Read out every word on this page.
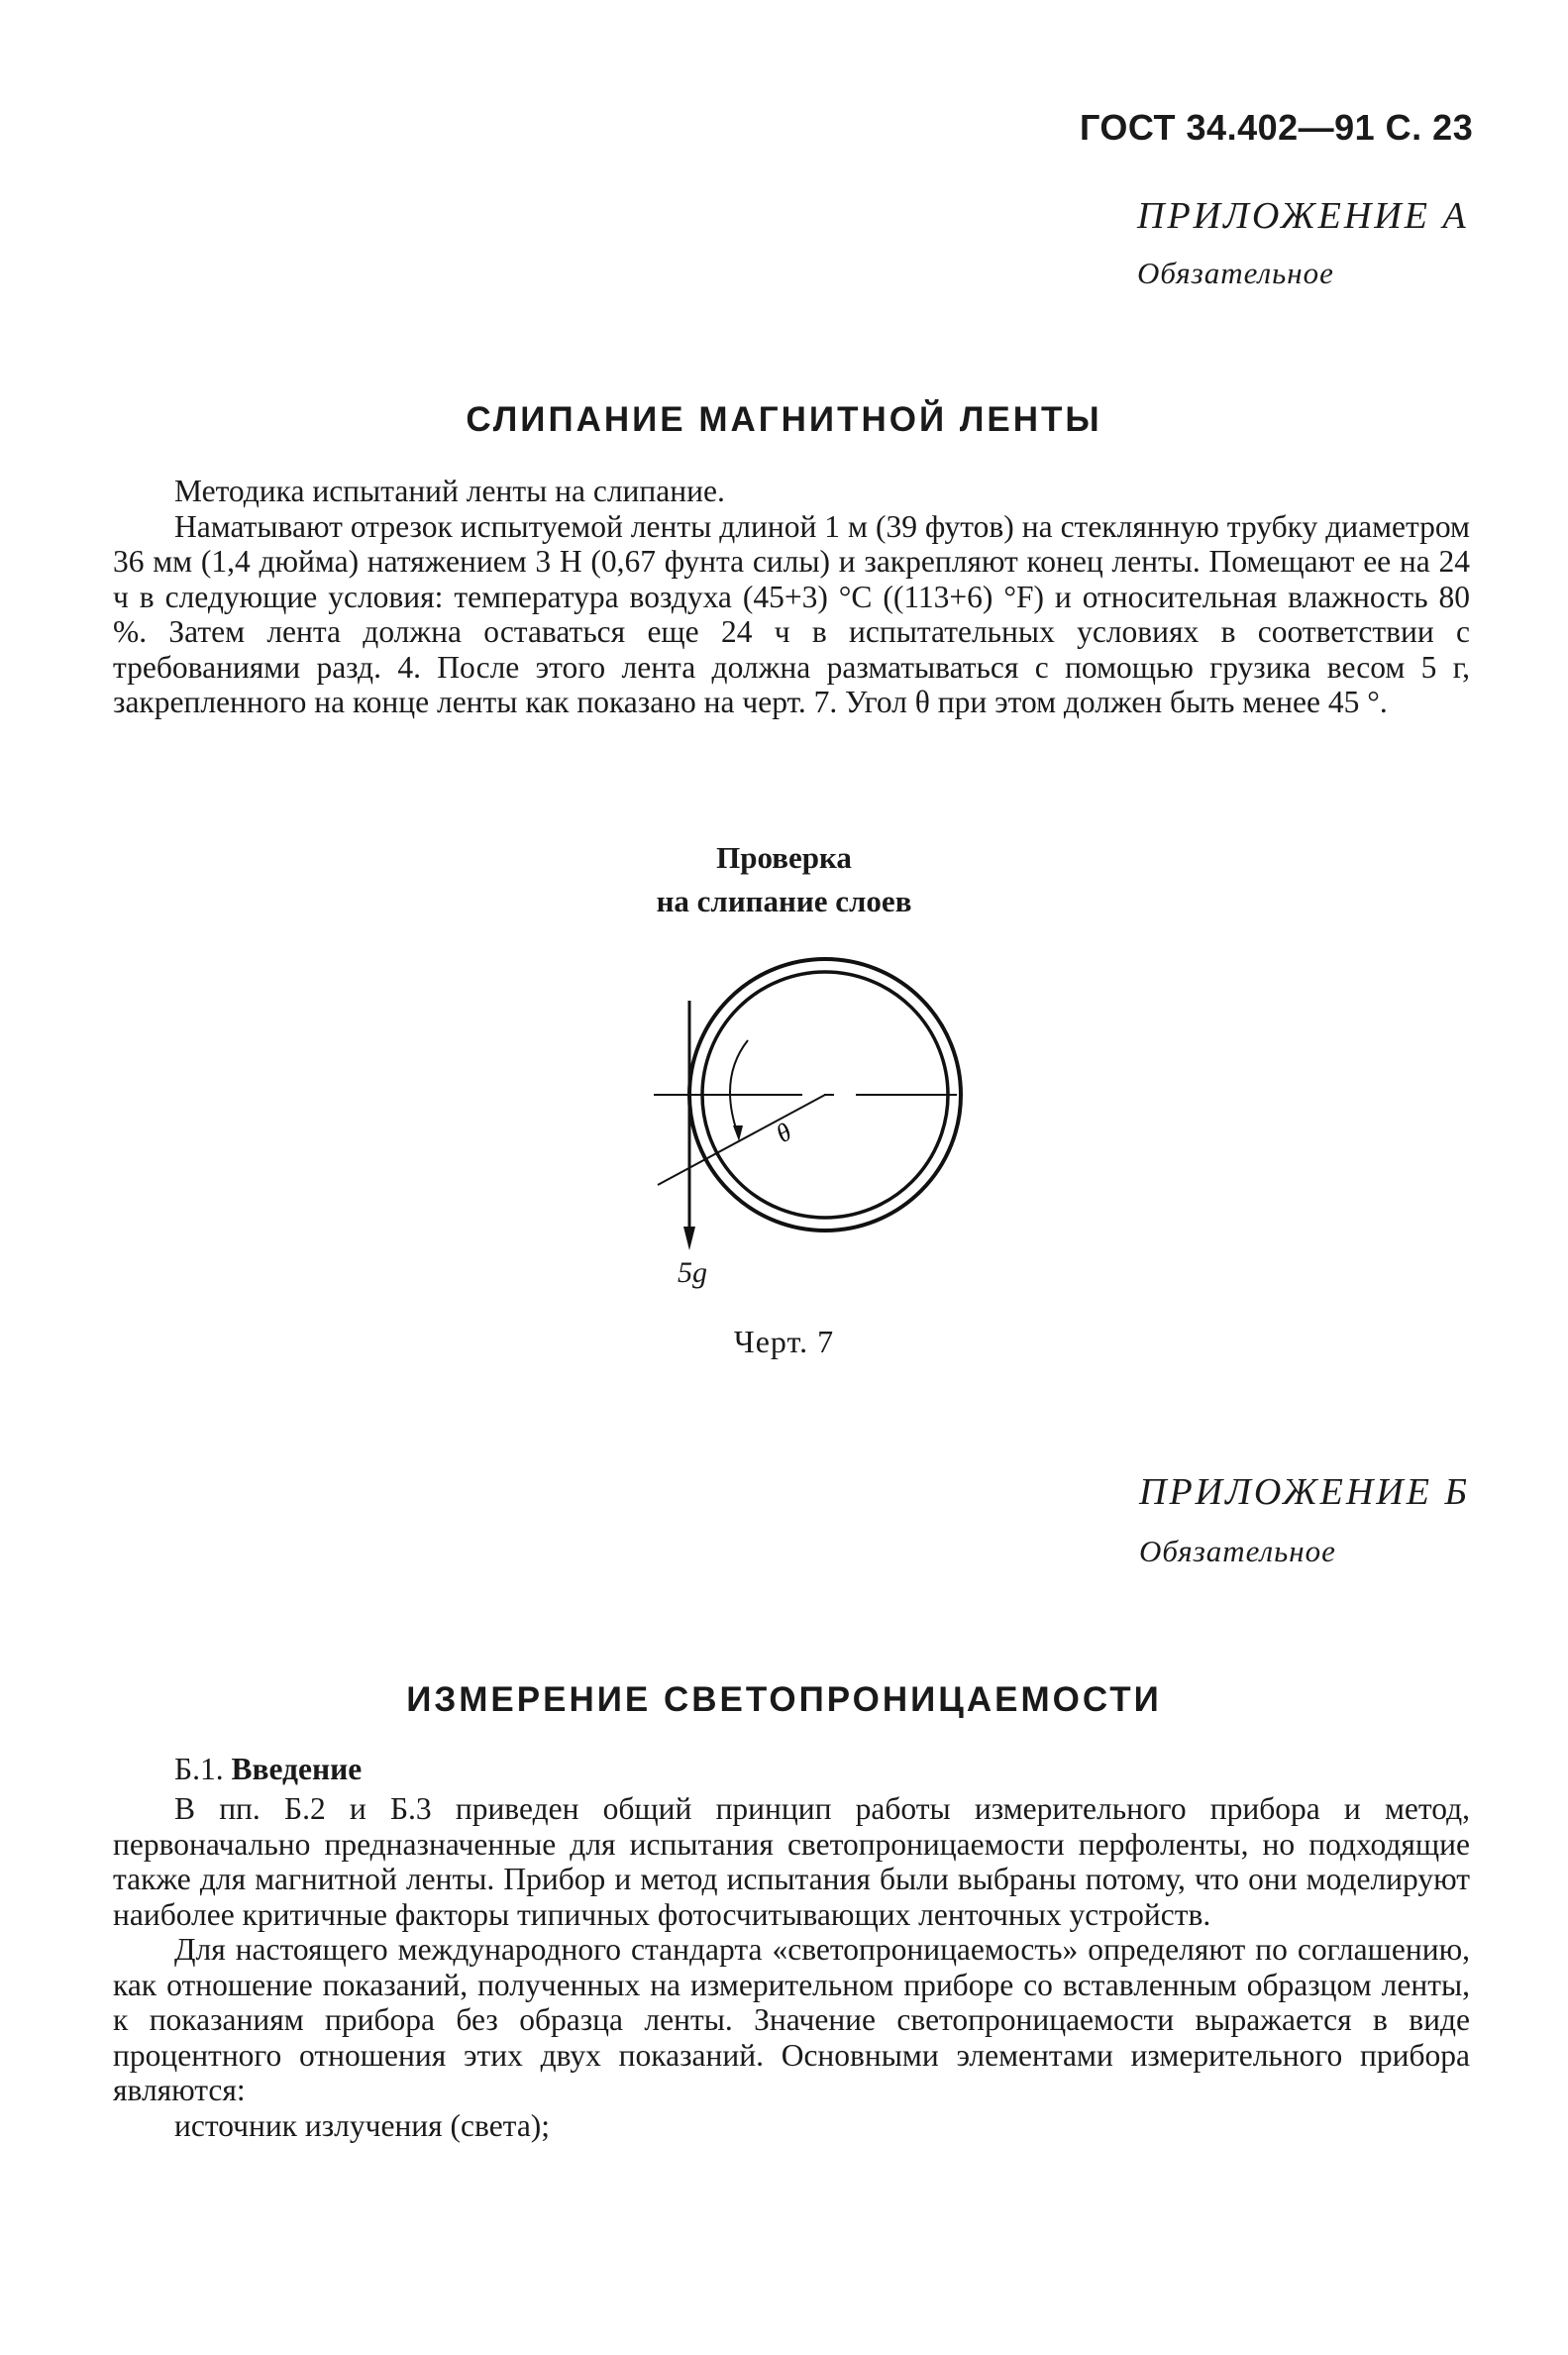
ГОСТ 34.402—91 С. 23
ПРИЛОЖЕНИЕ А
Обязательное
СЛИПАНИЕ МАГНИТНОЙ ЛЕНТЫ

Методика испытаний ленты на слипание.

Наматывают отрезок испытуемой ленты длиной 1 м (39 футов) на стеклянную трубку диаметром 36 мм (1,4 дюйма) натяжением 3 Н (0,67 фунта силы) и закрепляют конец ленты. Помещают ее на 24 ч в следующие условия: температура воздуха (45+3) °С ((113+6) °F) и относительная влажность 80 %. Затем лента должна оставаться еще 24 ч в испытательных условиях в соответствии с требованиями разд. 4. После этого лента должна разматываться с помощью грузика весом 5 г, закрепленного на конце ленты как показано на черт. 7. Угол θ при этом должен быть менее 45 °.

Проверка
на слипание слоев
θ
5g
Черт. 7
ПРИЛОЖЕНИЕ Б
Обязательное
ИЗМЕРЕНИЕ СВЕТОПРОНИЦАЕМОСТИ
Б.1. Введение

В пп. Б.2 и Б.3 приведен общий принцип работы измерительного прибора и метод, первоначально предназначенные для испытания светопроницаемости перфоленты, но подходящие также для магнитной ленты. Прибор и метод испытания были выбраны потому, что они моделируют наиболее критичные факторы типичных фотосчитывающих ленточных устройств.

Для настоящего международного стандарта «светопроницаемость» определяют по соглашению, как отношение показаний, полученных на измерительном приборе со вставленным образцом ленты, к показаниям прибора без образца ленты. Значение светопроницаемости выражается в виде процентного отношения этих двух показаний. Основными элементами измерительного прибора являются:

источник излучения (света);
